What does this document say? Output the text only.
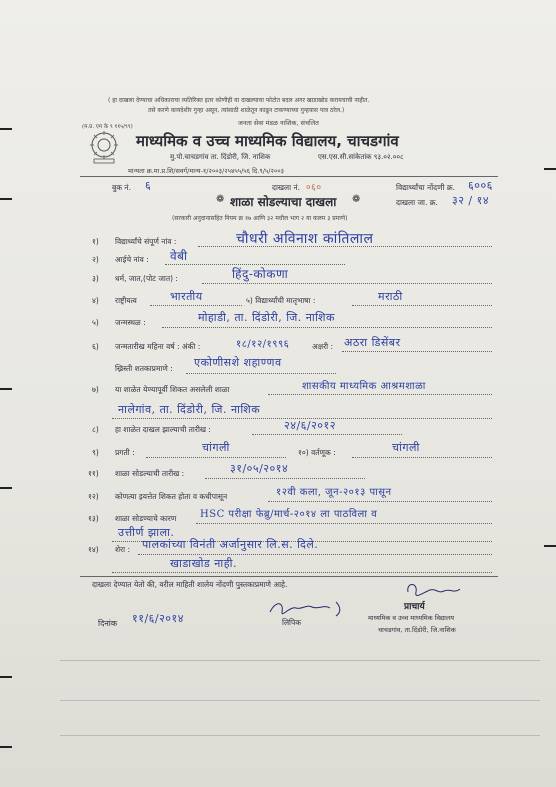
( हा दाखला देण्याचा अधिकाराचा व्यतिरिक्त इतर कोणीही या दाखल्याचा फोटोत बदल अगर खाडाखोड करायचाची नाहीत.
तसे करणे कायदेशीर गुन्हा असून, त्यांसाठी शाळेतून काढून टाकण्याच्या गुन्हयास पात्र ठरेल.)
जनता सेवा मंडळ नाशिक, संचलित
(म.प्र. एम के ९ ११५/९९)
माध्यमिक व उच्च माध्यमिक विद्यालय, चाचडगांव
मु.पो.चाचडगांव ता. दिंडोरी, जि. नाशिक	एस.एस.सी.सांकेतांक ९३.०२.००८
मान्यता क्र.मा.प्र.शि/सवर्ग/मान्य-१/२००३/२५४५५/५६ दि.९/५/२००३
बुक नं. ६	दाखला नं. ०६०	विद्यार्थ्यांचा नोंदणी क्र. ६००६
दाखला जा. क्र. ३२ / १४
❁ शाळा सोडल्याचा दाखला ❁
(सरकारी अनुदानासहित नियम क्र १७ आणि ३२ मधील भाग २ या कलम ३ प्रमाणे)
१) विद्यार्थ्यांचे संपूर्ण नांव :	चौधरी अविनाश कांतिलाल
२) आईचे नांव : वेबी
३) धर्म, जात,(पोट जात) :	हिंदु-कोकणा
४) राष्ट्रीयत्व	भारतीय	५) विद्यार्थ्यांची मातृभाषा :	मराठी
५) जन्मस्थळ :	मोहाडी, ता. दिंडोरी, जि. नाशिक
६) जन्मतारीख महिना वर्ष : अंकी :	१८/१२/१९९६	अक्षरी : अठरा डिसेंबर
ख्रिस्ती शतकाप्रमाणे : एकोणीसशे शहाण्णव
७) या शाळेत येण्यापूर्वी शिकत असलेली शाळा	शासकीय माध्यमिक आश्रमशाळा
नालेगांव, ता. दिंडोरी, जि. नाशिक
८) हा शाळेत दाखल झाल्याची तारीख :	२४/६/२०१२
९) प्रगती :	चांगली	१०) वर्तणूक :	चांगली
११) शाळा सोडल्याची तारीख :	३१/०५/२०१४
१२) कोणत्या इयत्तेत शिकत होता व कधीपासून	१२वी कला, जून-२०१३ पासून
१३) शाळा सोडण्याचे कारण HSC परीक्षा फेब्रु/मार्च-२०१४ ला पाठविला व
उत्तीर्ण झाला.
१४) शेरा : पालकांच्या विनंती अर्जानुसार लि.स. दिले.
खाडाखोड नाही.
दाखला देण्यात येतो की, वरील माहिती शालेय नोंदणी पुस्तकाप्रमाणे आहे.
दिनांक ११/६/२०१४	लिपिक
प्राचार्य
माध्यमिक व उच्च माध्यमिक विद्यालय
चाचडगांव, ता.दिंडोरी, जि.नाशिक
